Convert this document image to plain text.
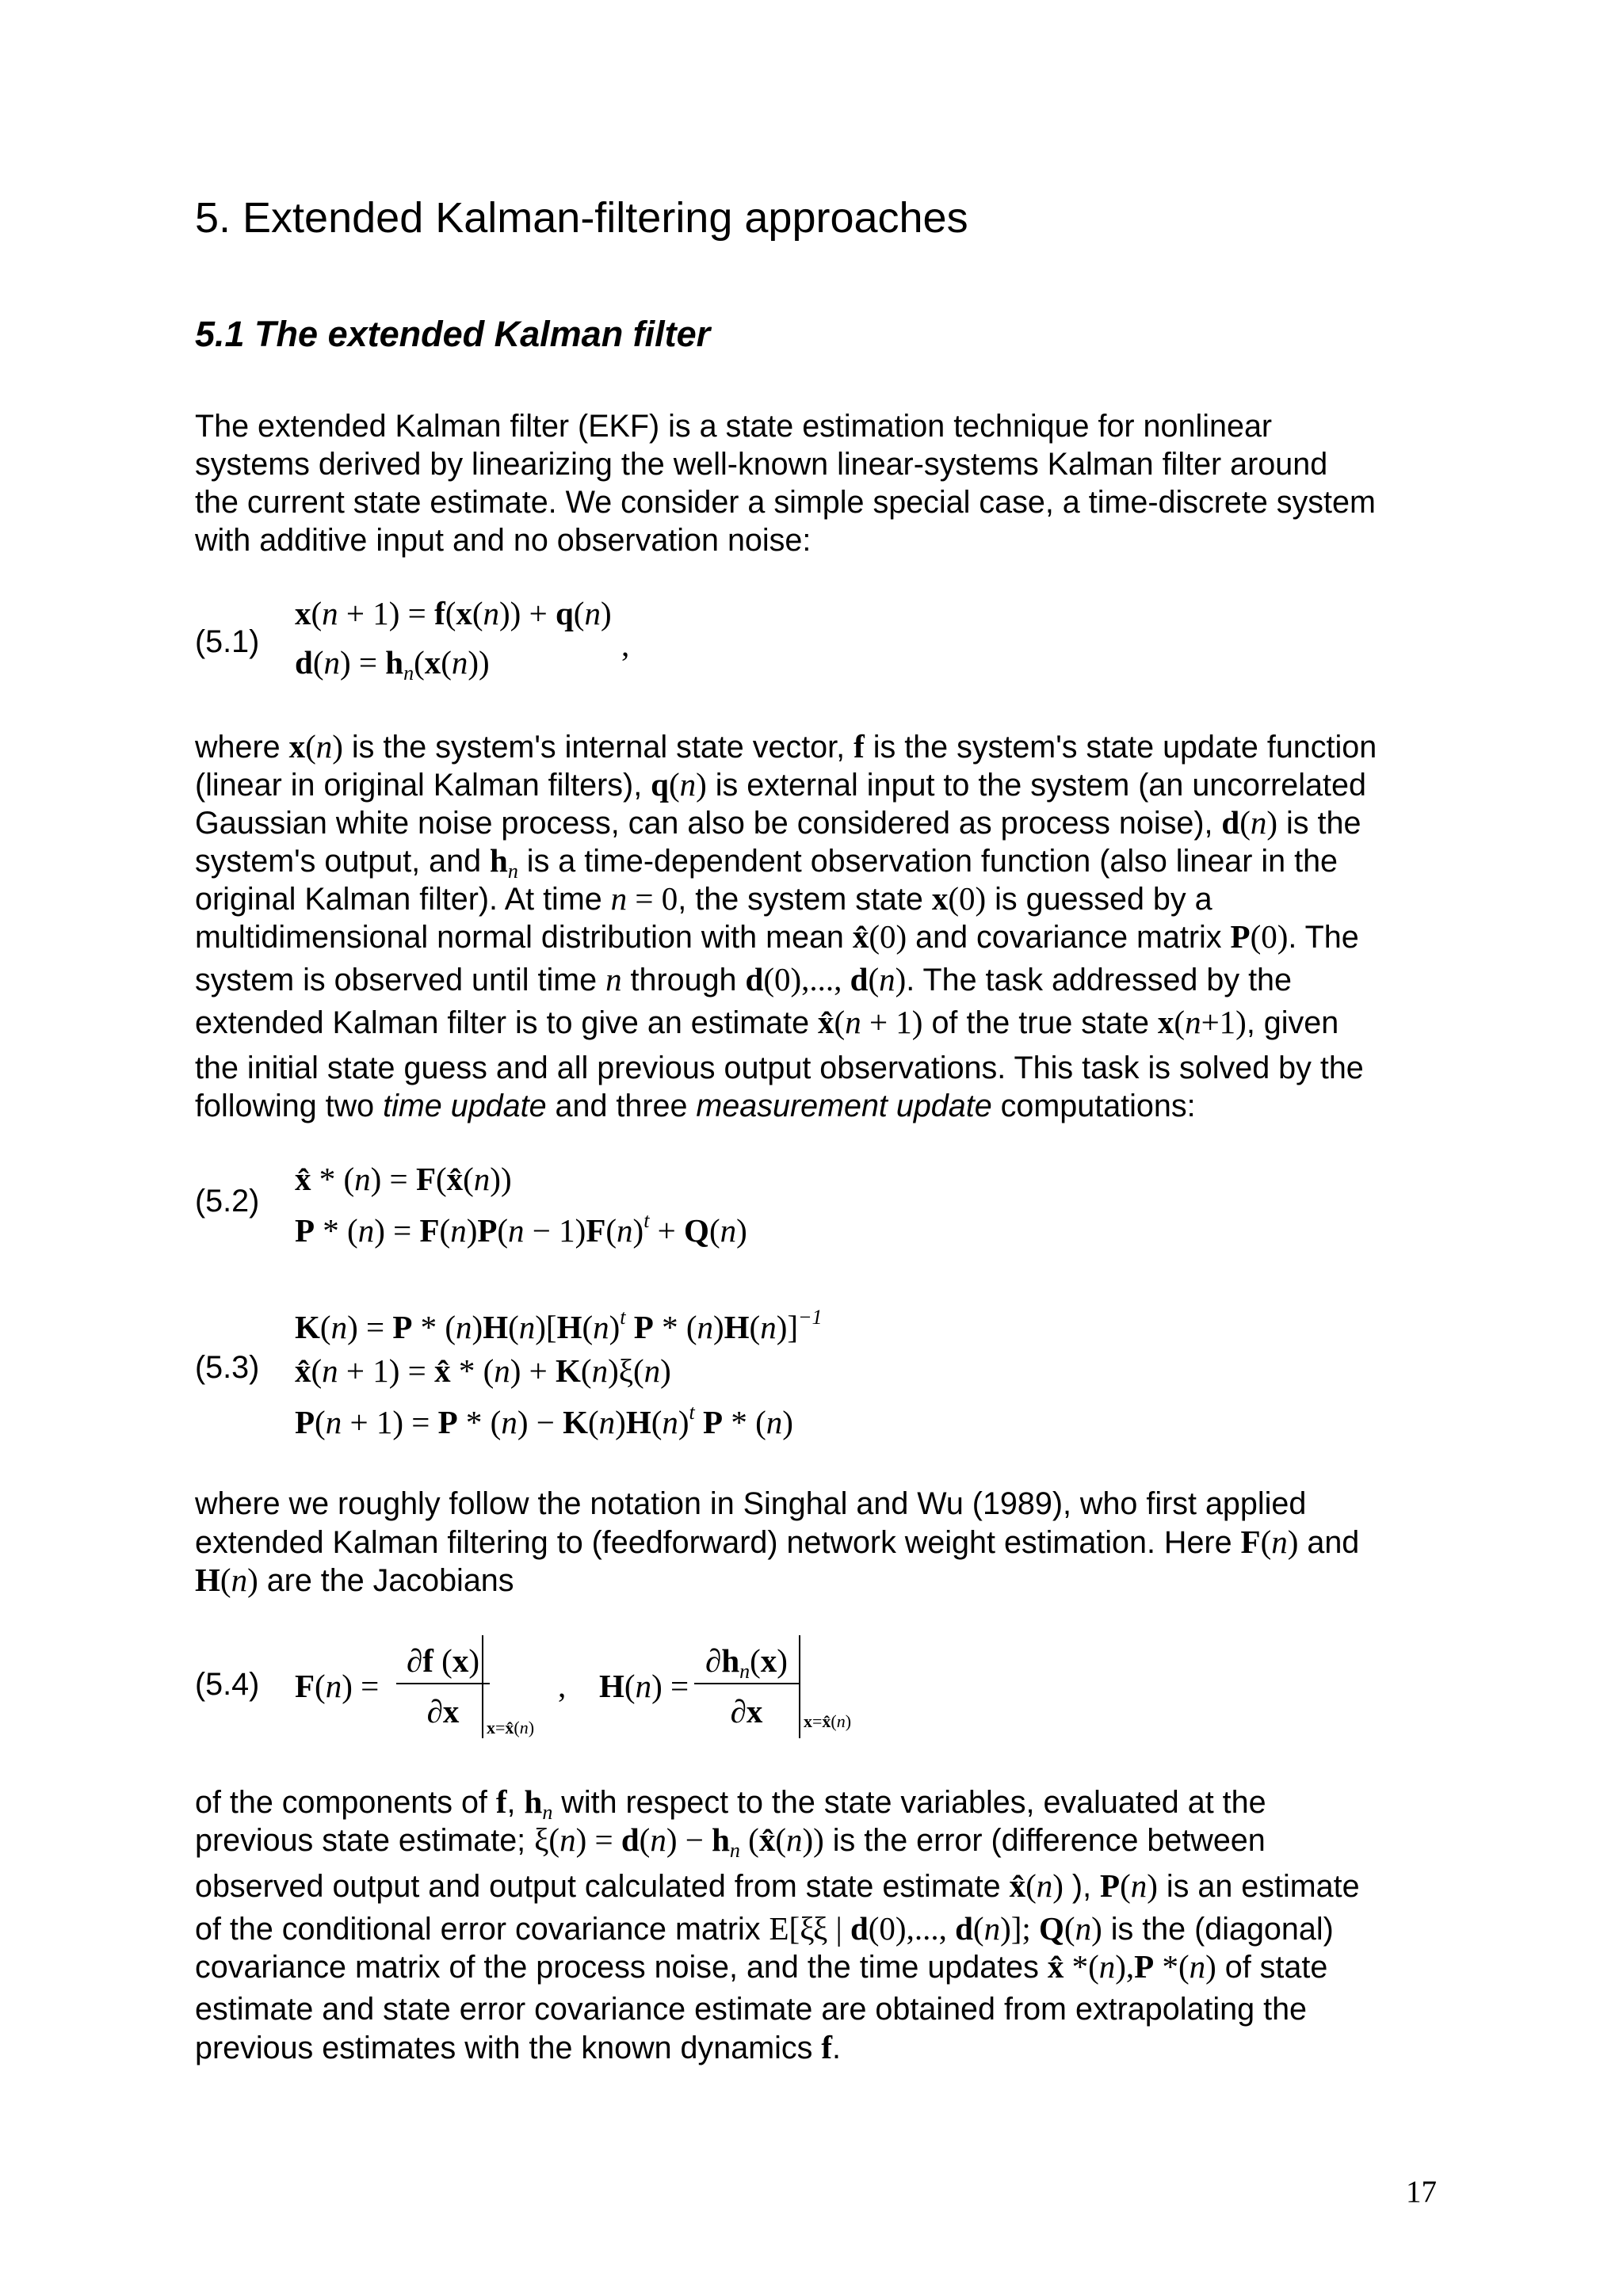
5. Extended Kalman-filtering approaches
5.1 The extended Kalman filter
The extended Kalman filter (EKF) is a state estimation technique for nonlinear
systems derived by linearizing the well-known linear-systems Kalman filter around
the current state estimate. We consider a simple special case, a time-discrete system
with additive input and no observation noise:
(5.1)
x(n + 1) = f(x(n)) + q(n)
$d(n) = h_n(x(n))$	,
where x(n) is the system's internal state vector, f is the system's state update function
(linear in original Kalman filters), q(n) is external input to the system (an uncorrelated
Gaussian white noise process, can also be considered as process noise), d(n) is the
system's output, and $h_n$ is a time-dependent observation function (also linear in the
original Kalman filter). At time n = 0, the system state x(0) is guessed by a
multidimensional normal distribution with mean x̂(0) and covariance matrix P(0). The
system is observed until time n through d(0),..., d(n). The task addressed by the
extended Kalman filter is to give an estimate x̂(n + 1) of the true state x(n+1), given
the initial state guess and all previous output observations. This task is solved by the
following two time update and three measurement update computations:
(5.2)
x̂ * (n) = F(x̂(n))
$P * (n) = F(n)P(n - 1)F(n)^t + Q(n)$
(5.3)
$K(n) = P * (n)H(n)[H(n)^t$ P * (n)H(n)]$^{-1}$
x̂(n + 1) = x̂ * (n) + K(n)ξ(n)
$P(n + 1) = P * (n) - K(n)H(n)^t$ P * (n)
where we roughly follow the notation in Singhal and Wu (1989), who first applied
extended Kalman filtering to (feedforward) network weight estimation. Here F(n) and
H(n) are the Jacobians
(5.4) F(n) =
∂f (x)
∂x	x=x̂(n)
, H(n) =
∂hn(x)
∂x	x=x̂(n)
of the components of f, $h_n$ with respect to the state variables, evaluated at the
previous state estimate; $\xi(n) = d(n) - h_n$ (x̂(n)) is the error (difference between
observed output and output calculated from state estimate x̂(n) ), P(n) is an estimate
of the conditional error covariance matrix E[ξξ | d(0),..., d(n)]; Q(n) is the (diagonal)
covariance matrix of the process noise, and the time updates x̂ *(n),P *(n) of state
estimate and state error covariance estimate are obtained from extrapolating the
previous estimates with the known dynamics f.
17
